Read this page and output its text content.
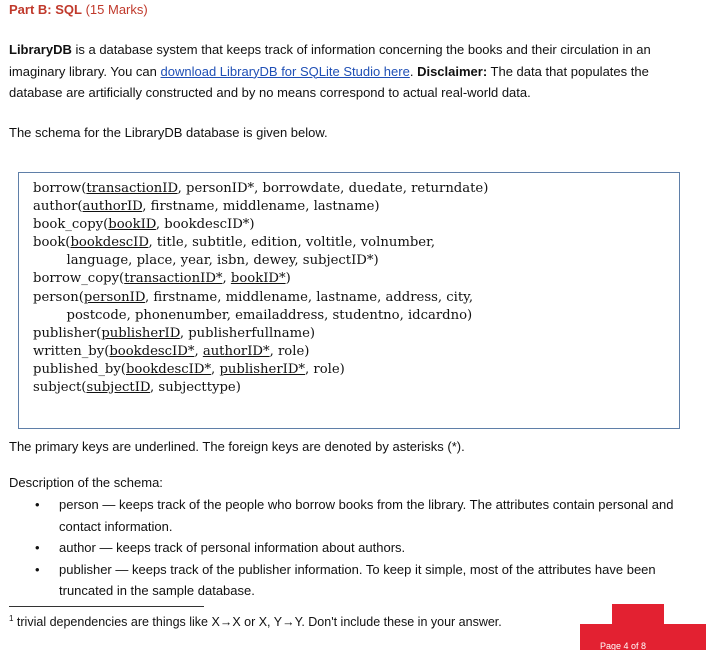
Part B: SQL (15 Marks)
LibraryDB is a database system that keeps track of information concerning the books and their circulation in an imaginary library. You can download LibraryDB for SQLite Studio here. Disclaimer: The data that populates the database are artificially constructed and by no means correspond to actual real-world data.
The schema for the LibraryDB database is given below.
borrow(transactionID, personID*, borrowdate, duedate, returndate)
author(authorID, firstname, middlename, lastname)
book_copy(bookID, bookdescID*)
book(bookdescID, title, subtitle, edition, voltitle, volnumber,
language, place, year, isbn, dewey, subjectID*)
borrow_copy(transactionID*, bookID*)
person(personID, firstname, middlename, lastname, address, city,
postcode, phonenumber, emailaddress, studentno, idcardno)
publisher(publisherID, publisherfullname)
written_by(bookdescID*, authorID*, role)
published_by(bookdescID*, publisherID*, role)
subject(subjectID, subjecttype)
The primary keys are underlined. The foreign keys are denoted by asterisks (*).
Description of the schema:
• person — keeps track of the people who borrow books from the library. The attributes contain personal and contact information.
• author — keeps track of personal information about authors.
• publisher — keeps track of the publisher information. To keep it simple, most of the attributes have been truncated in the sample database.
$^1$ trivial dependencies are things like X→X or X, Y→Y. Don't include these in your answer.
Page 4 of 8
